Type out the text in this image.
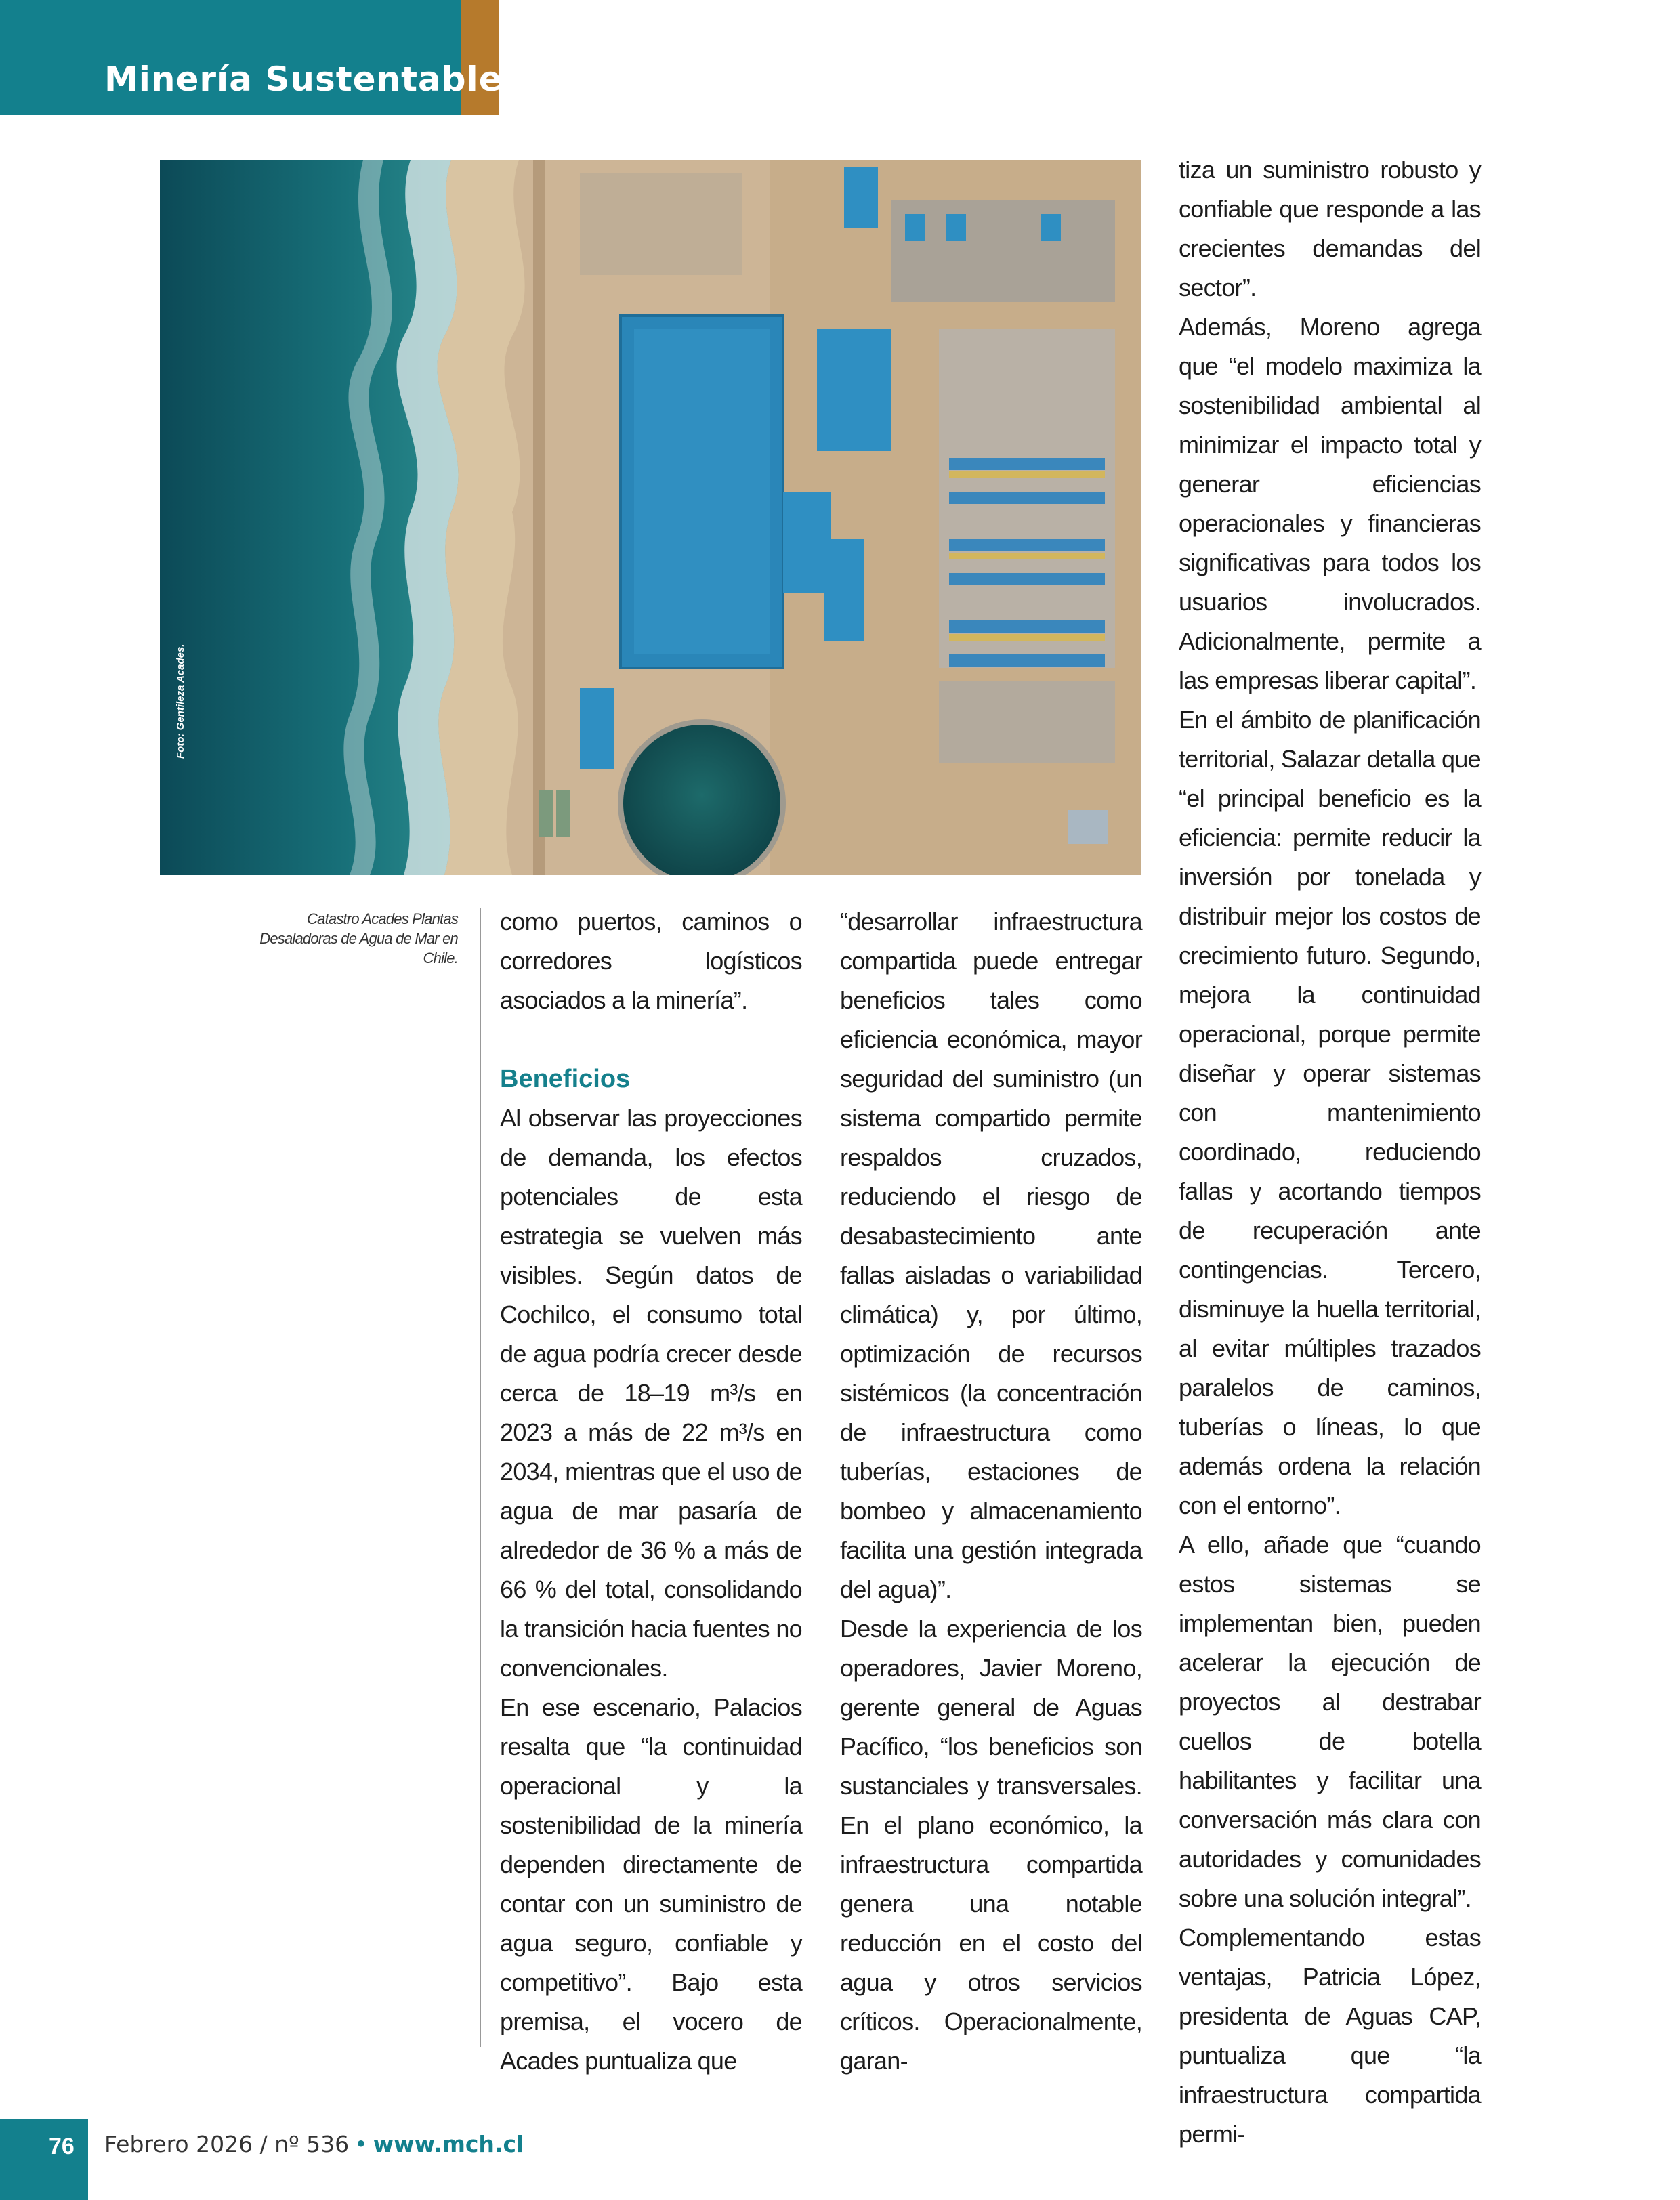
Minería Sustentable
Foto: Gentileza Acades.
Catastro Acades Plantas Desaladoras de Agua de Mar en Chile.

como puertos, caminos o corredores logísticos asociados a la minería”.

Beneficios

Al observar las proyecciones de demanda, los efectos potenciales de esta estrategia se vuelven más visibles. Según datos de Cochilco, el consumo total de agua podría crecer desde cerca de 18–19 m³/s en 2023 a más de 22 m³/s en 2034, mientras que el uso de agua de mar pasaría de alrededor de 36 % a más de 66 % del total, consolidando la transición hacia fuentes no convencionales.

En ese escenario, Palacios resalta que “la continuidad operacional y la sostenibilidad de la minería dependen directamente de contar con un suministro de agua seguro, confiable y competitivo”. Bajo esta premisa, el vocero de Acades puntualiza que

“desarrollar infraestructura compartida puede entregar beneficios tales como eficiencia económica, mayor seguridad del suministro (un sistema compartido permite respaldos cruzados, reduciendo el riesgo de desabastecimiento ante fallas aisladas o variabilidad climática) y, por último, optimización de recursos sistémicos (la concentración de infraestructura como tuberías, estaciones de bombeo y almacenamiento facilita una gestión integrada del agua)”.

Desde la experiencia de los operadores, Javier Moreno, gerente general de Aguas Pacífico, “los beneficios son sustanciales y transversales. En el plano económico, la infraestructura compartida genera una notable reducción en el costo del agua y otros servicios críticos. Operacionalmente, garan-

tiza un suministro robusto y confiable que responde a las crecientes demandas del sector”.

Además, Moreno agrega que “el modelo maximiza la sostenibilidad ambiental al minimizar el impacto total y generar eficiencias operacionales y financieras significativas para todos los usuarios involucrados. Adicionalmente, permite a las empresas liberar capital”.

En el ámbito de planificación territorial, Salazar detalla que “el principal beneficio es la eficiencia: permite reducir la inversión por tonelada y distribuir mejor los costos de crecimiento futuro. Segundo, mejora la continuidad operacional, porque permite diseñar y operar sistemas con mantenimiento coordinado, reduciendo fallas y acortando tiempos de recuperación ante contingencias. Tercero, disminuye la huella territorial, al evitar múltiples trazados paralelos de caminos, tuberías o líneas, lo que además ordena la relación con el entorno”.

A ello, añade que “cuando estos sistemas se implementan bien, pueden acelerar la ejecución de proyectos al destrabar cuellos de botella habilitantes y facilitar una conversación más clara con autoridades y comunidades sobre una solución integral”.

Complementando estas ventajas, Patricia López, presidenta de Aguas CAP, puntualiza que “la infraestructura compartida permi-

76 Febrero 2026 / nº 536 • www.mch.cl
